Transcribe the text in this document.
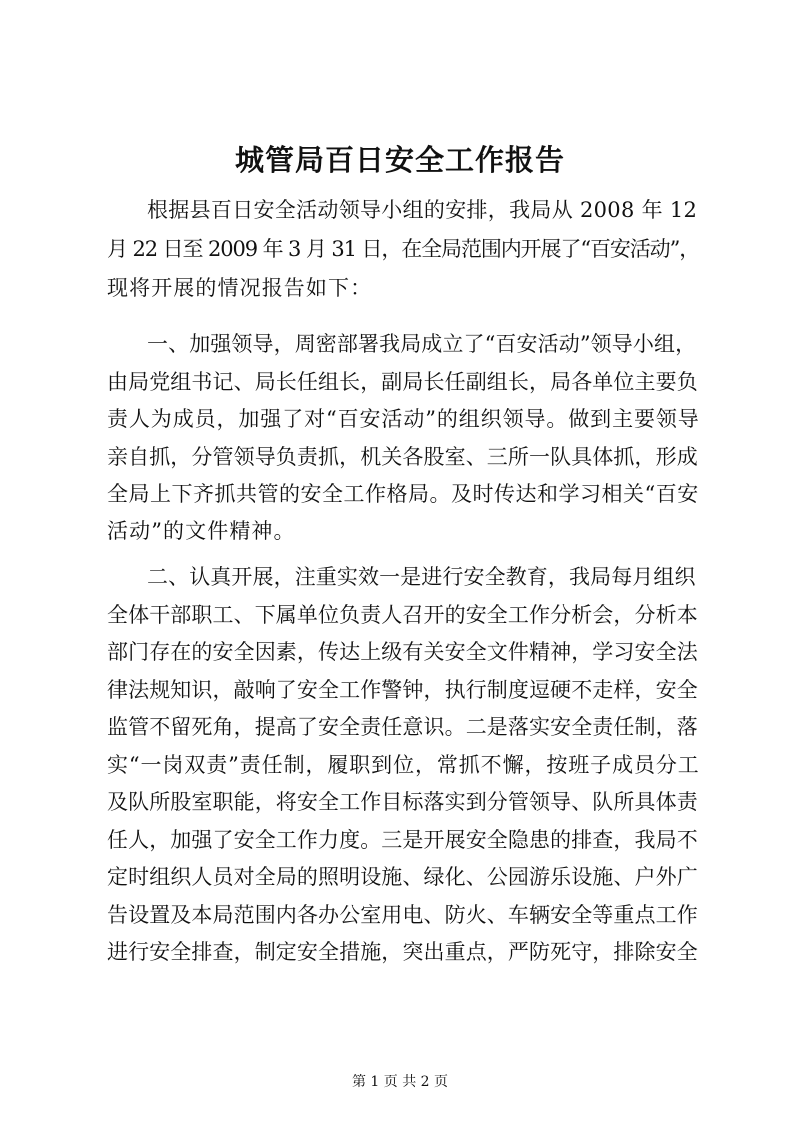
城管局百日安全工作报告
根据县百日安全活动领导小组的安排，我局从 2008 年 12
月 22 日至 2009 年 3 月 31 日，在全局范围内开展了“百安活动”，
现将开展的情况报告如下：
一、加强领导，周密部署我局成立了“百安活动”领导小组，
由局党组书记、局长任组长，副局长任副组长，局各单位主要负
责人为成员，加强了对“百安活动”的组织领导。做到主要领导
亲自抓，分管领导负责抓，机关各股室、三所一队具体抓，形成
全局上下齐抓共管的安全工作格局。及时传达和学习相关“百安
活动”的文件精神。
二、认真开展，注重实效一是进行安全教育，我局每月组织
全体干部职工、下属单位负责人召开的安全工作分析会，分析本
部门存在的安全因素，传达上级有关安全文件精神，学习安全法
律法规知识，敲响了安全工作警钟，执行制度逗硬不走样，安全
监管不留死角，提高了安全责任意识。二是落实安全责任制，落
实“一岗双责”责任制，履职到位，常抓不懈，按班子成员分工
及队所股室职能，将安全工作目标落实到分管领导、队所具体责
任人，加强了安全工作力度。三是开展安全隐患的排查，我局不
定时组织人员对全局的照明设施、绿化、公园游乐设施、户外广
告设置及本局范围内各办公室用电、防火、车辆安全等重点工作
进行安全排查，制定安全措施，突出重点，严防死守，排除安全
第 1 页 共 2 页
